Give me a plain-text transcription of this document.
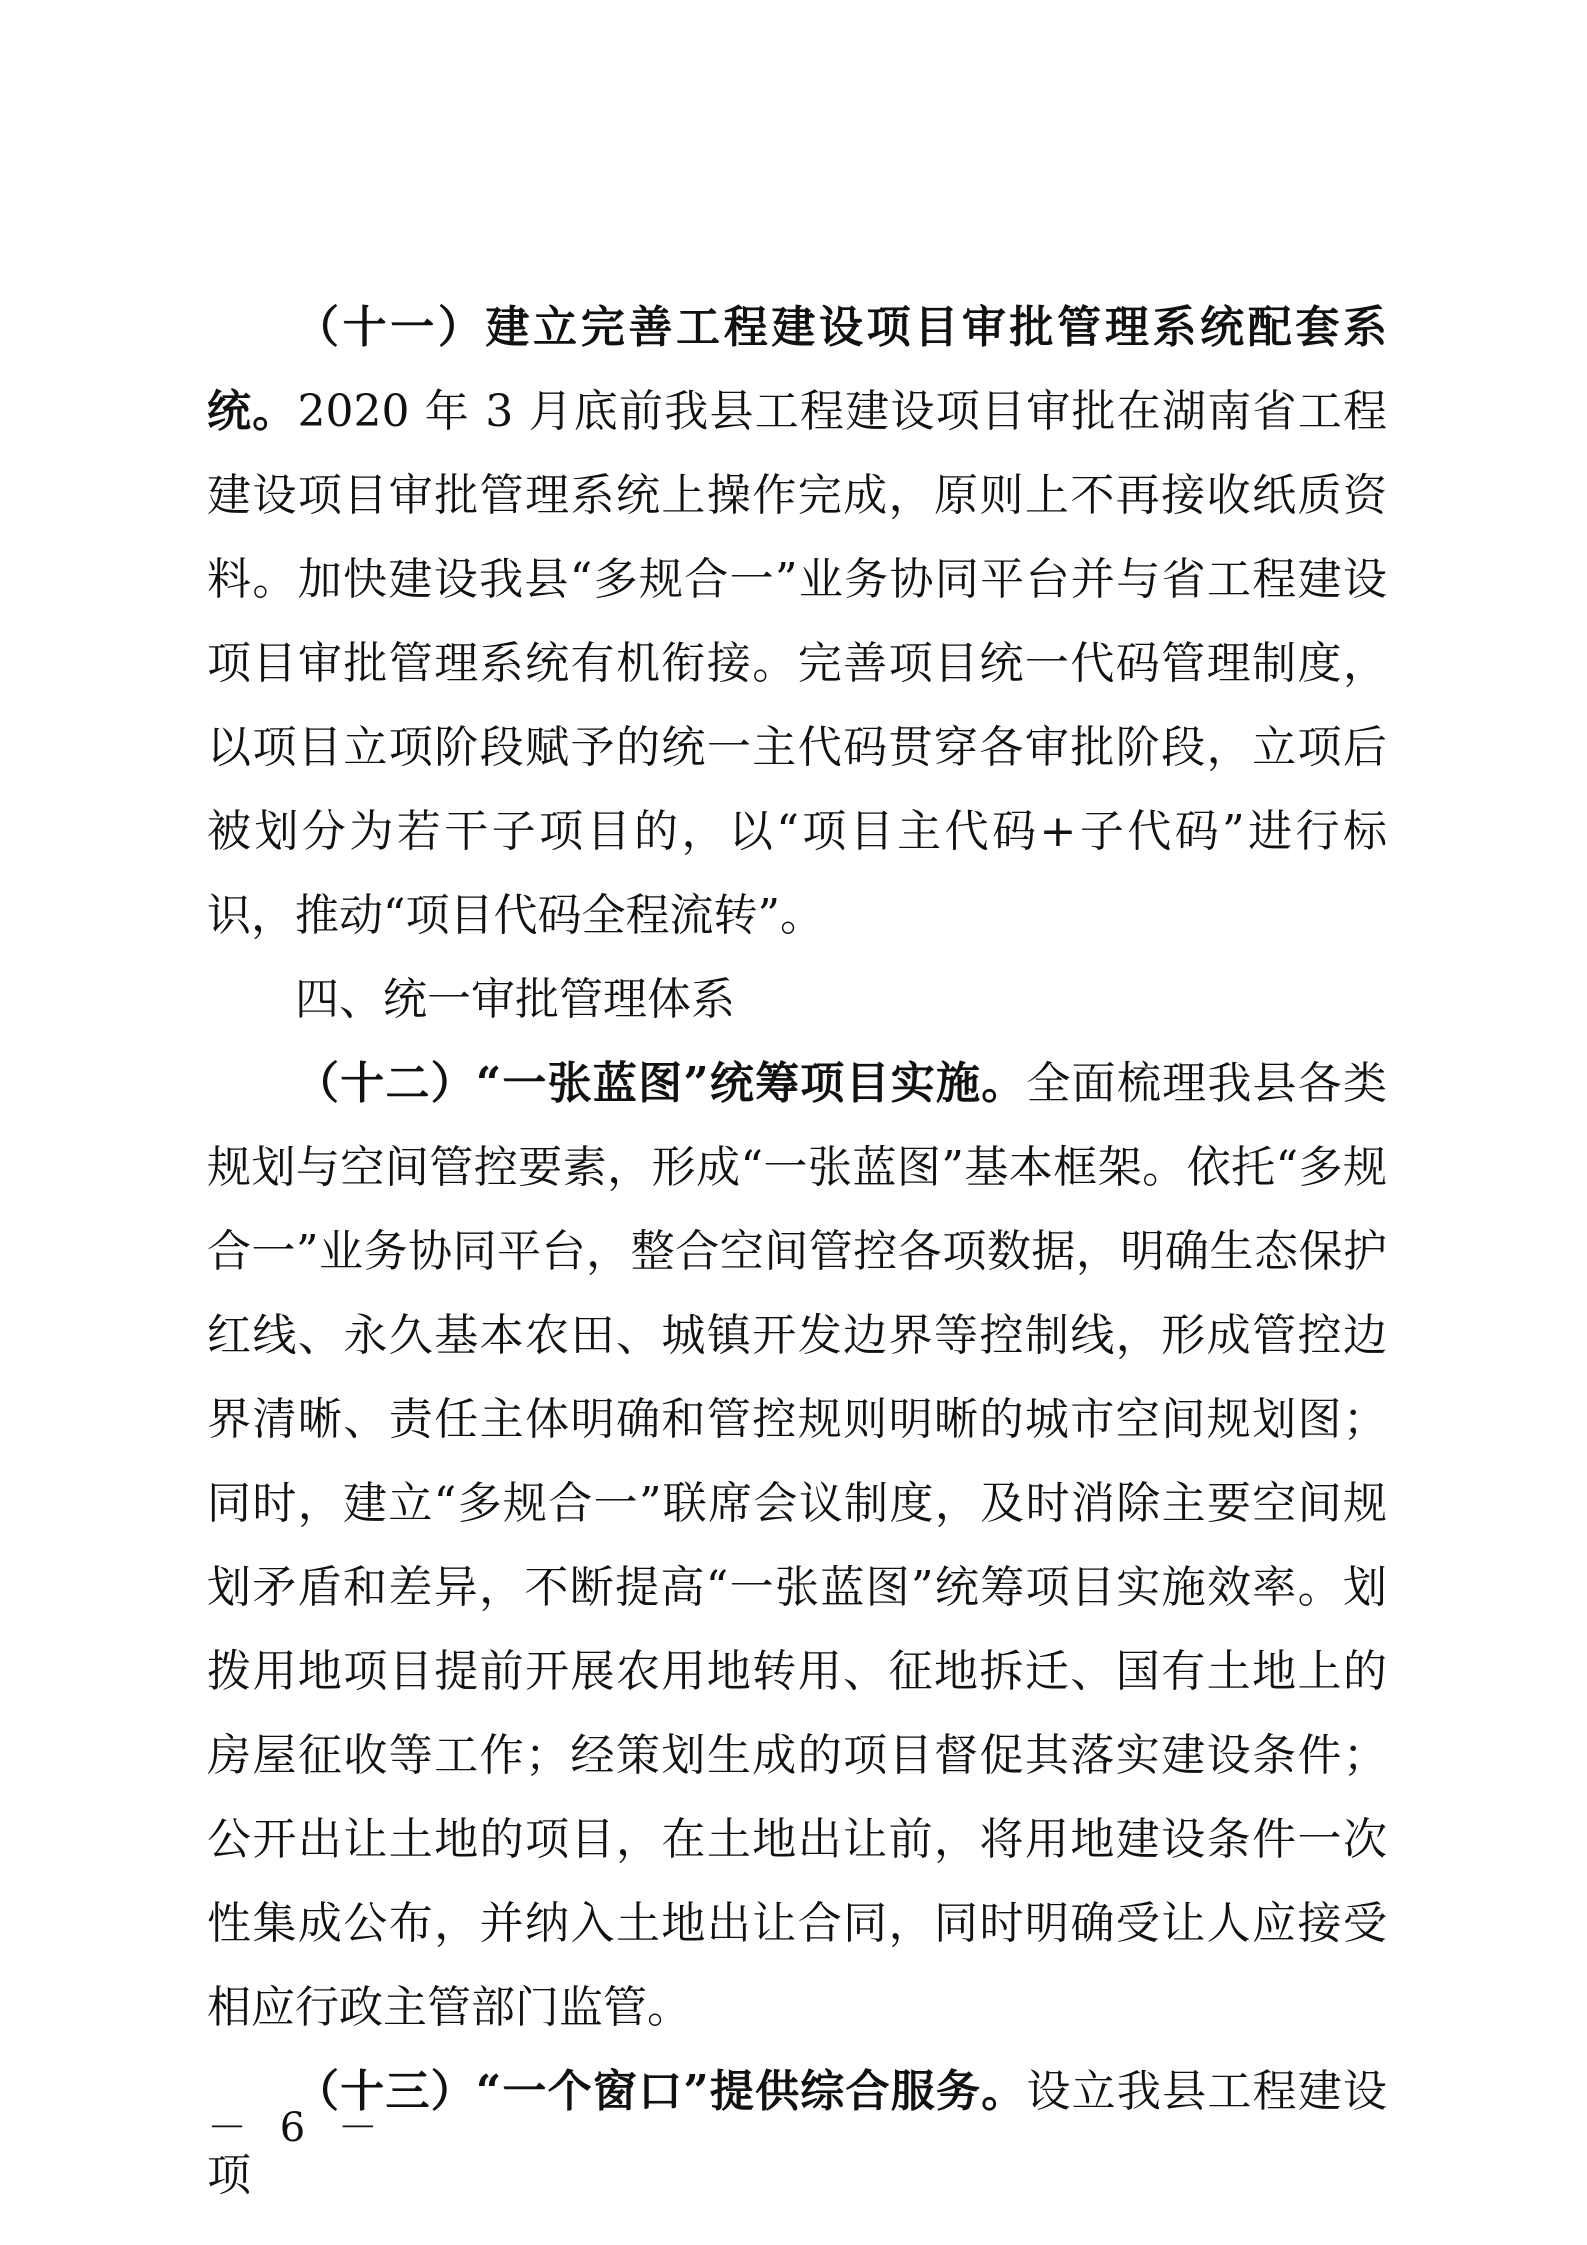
（十一）建立完善工程建设项目审批管理系统配套系统。2020 年 3 月底前我县工程建设项目审批在湖南省工程建设项目审批管理系统上操作完成，原则上不再接收纸质资料。加快建设我县“多规合一”业务协同平台并与省工程建设项目审批管理系统有机衔接。完善项目统一代码管理制度，以项目立项阶段赋予的统一主代码贯穿各审批阶段，立项后被划分为若干子项目的，以“项目主代码+子代码”进行标识，推动“项目代码全程流转”。

四、统一审批管理体系

（十二）“一张蓝图”统筹项目实施。全面梳理我县各类规划与空间管控要素，形成“一张蓝图”基本框架。依托“多规合一”业务协同平台，整合空间管控各项数据，明确生态保护红线、永久基本农田、城镇开发边界等控制线，形成管控边界清晰、责任主体明确和管控规则明晰的城市空间规划图；同时，建立“多规合一”联席会议制度，及时消除主要空间规划矛盾和差异，不断提高“一张蓝图”统筹项目实施效率。划拨用地项目提前开展农用地转用、征地拆迁、国有土地上的房屋征收等工作；经策划生成的项目督促其落实建设条件；公开出让土地的项目，在土地出让前，将用地建设条件一次性集成公布，并纳入土地出让合同，同时明确受让人应接受相应行政主管部门监管。

（十三）“一个窗口”提供综合服务。设立我县工程建设项

－ 6 －
